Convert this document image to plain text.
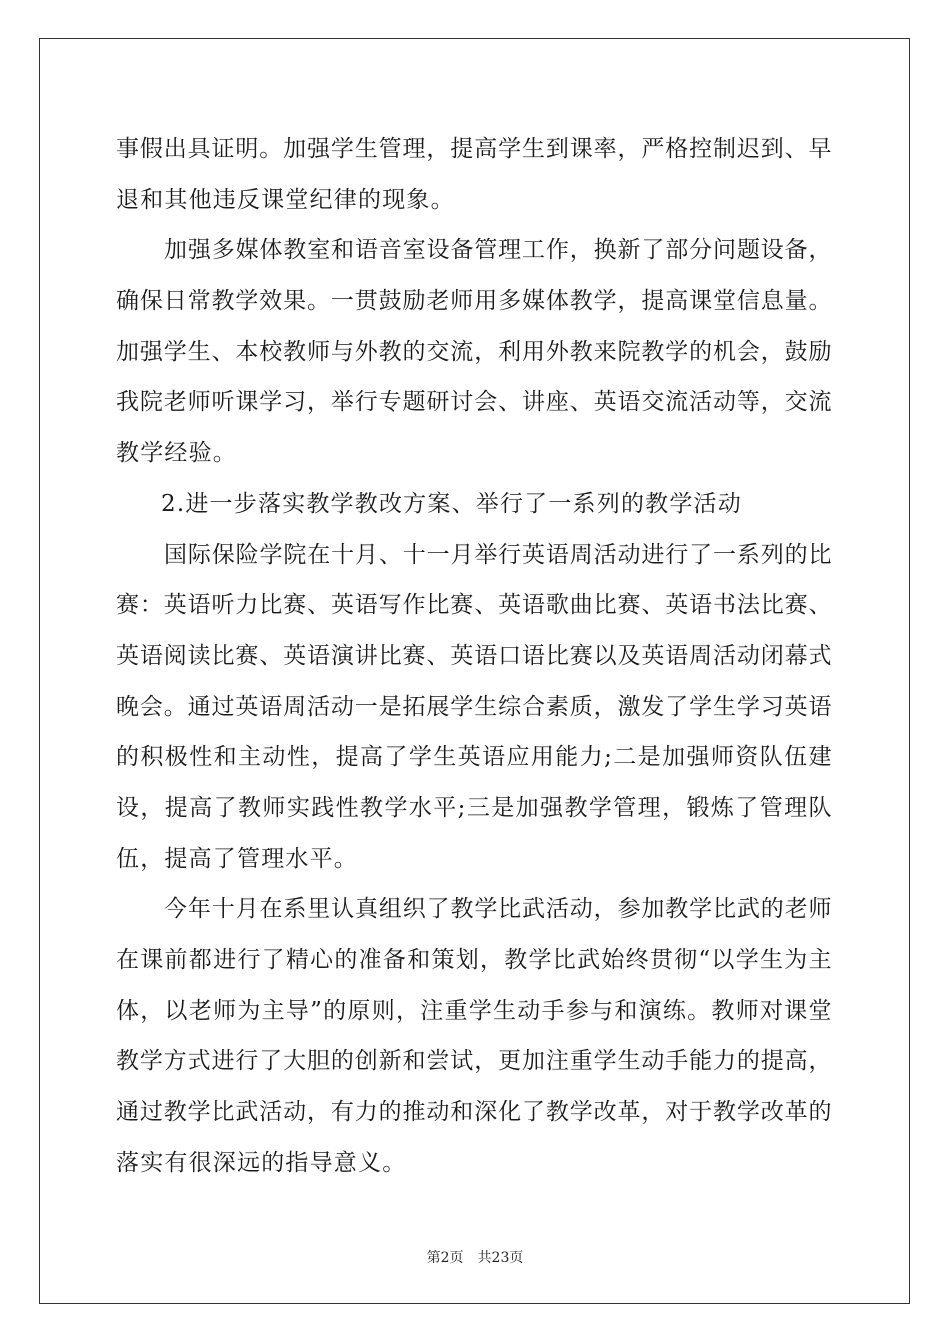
事假出具证明。加强学生管理，提高学生到课率，严格控制迟到、早
退和其他违反课堂纪律的现象。
加强多媒体教室和语音室设备管理工作，换新了部分问题设备，
确保日常教学效果。一贯鼓励老师用多媒体教学，提高课堂信息量。
加强学生、本校教师与外教的交流，利用外教来院教学的机会，鼓励
我院老师听课学习，举行专题研讨会、讲座、英语交流活动等，交流
教学经验。
2.进一步落实教学教改方案、举行了一系列的教学活动
国际保险学院在十月、十一月举行英语周活动进行了一系列的比
赛：英语听力比赛、英语写作比赛、英语歌曲比赛、英语书法比赛、
英语阅读比赛、英语演讲比赛、英语口语比赛以及英语周活动闭幕式
晚会。通过英语周活动一是拓展学生综合素质，激发了学生学习英语
的积极性和主动性，提高了学生英语应用能力;二是加强师资队伍建
设，提高了教师实践性教学水平;三是加强教学管理，锻炼了管理队
伍，提高了管理水平。
今年十月在系里认真组织了教学比武活动，参加教学比武的老师
在课前都进行了精心的准备和策划，教学比武始终贯彻“以学生为主
体，以老师为主导”的原则，注重学生动手参与和演练。教师对课堂
教学方式进行了大胆的创新和尝试，更加注重学生动手能力的提高，
通过教学比武活动，有力的推动和深化了教学改革，对于教学改革的
落实有很深远的指导意义。
第2页 共23页
